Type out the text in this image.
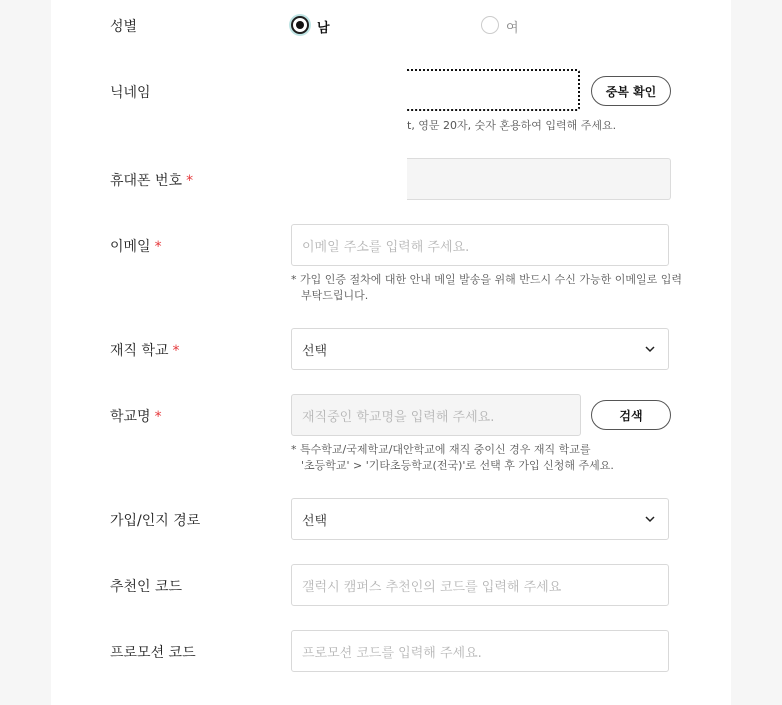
성별	남	여
닉네임	중복 확인
t, 영문 20자, 숫자 혼용하여 입력해 주세요.
휴대폰 번호 *
이메일 *	이메일 주소를 입력해 주세요.
* 가입 인증 절차에 대한 안내 메일 발송을 위해 반드시 수신 가능한 이메일로 입력
부탁드립니다.
재직 학교 *	선택
학교명 *	재직중인 학교명을 입력해 주세요.	검색
* 특수학교/국제학교/대안학교에 재직 중이신 경우 재직 학교를
'초등학교' > '기타초등학교(전국)'로 선택 후 가입 신청해 주세요.
가입/인지 경로	선택
추천인 코드	갤럭시 캠퍼스 추천인의 코드를 입력해 주세요
프로모션 코드	프로모션 코드를 입력해 주세요.
